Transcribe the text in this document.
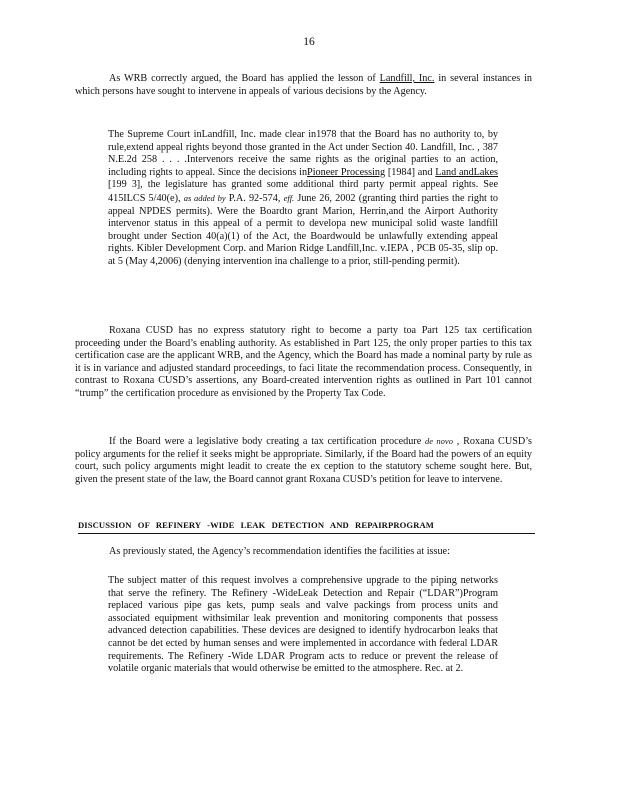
16
As WRB correctly argued, the Board has applied the lesson of Landfill, Inc. in several instances in which persons have sought to intervene in appeals of various decisions by the Agency.
The Supreme Court inLandfill, Inc. made clear in1978 that the Board has no authority to, by rule,extend appeal rights beyond those granted in the Act under Section 40. Landfill, Inc. , 387 N.E.2d 258 . . . .Intervenors receive the same rights as the original parties to an action, including rights to appeal. Since the decisions inPioneer Processing [1984] and Land andLakes [199 3], the legislature has granted some additional third party permit appeal rights. See 415ILCS 5/40(e), as added by P.A. 92-574, eff. June 26, 2002 (granting third parties the right to appeal NPDES permits). Were the Boardto grant Marion, Herrin,and the Airport Authority intervenor status in this appeal of a permit to developa new municipal solid waste landfill brought under Section 40(a)(1) of the Act, the Boardwould be unlawfully extending appeal rights. Kibler Development Corp. and Marion Ridge Landfill,Inc. v.IEPA , PCB 05-35, slip op. at 5 (May 4,2006) (denying intervention ina challenge to a prior, still-pending permit).
Roxana CUSD has no express statutory right to become a party toa Part 125 tax certification proceeding under the Board’s enabling authority. As established in Part 125, the only proper parties to this tax certification case are the applicant WRB, and the Agency, which the Board has made a nominal party by rule as it is in variance and adjusted standard proceedings, to faci litate the recommendation process. Consequently, in contrast to Roxana CUSD’s assertions, any Board-created intervention rights as outlined in Part 101 cannot “trump” the certification procedure as envisioned by the Property Tax Code.
If the Board were a legislative body creating a tax certification procedure de novo , Roxana CUSD’s policy arguments for the relief it seeks might be appropriate. Similarly, if the Board had the powers of an equity court, such policy arguments might leadit to create the ex ception to the statutory scheme sought here. But, given the present state of the law, the Board cannot grant Roxana CUSD’s petition for leave to intervene.
DISCUSSION OF REFINERY -WIDE LEAK DETECTION AND REPAIRPROGRAM
As previously stated, the Agency’s recommendation identifies the facilities at issue:
The subject matter of this request involves a comprehensive upgrade to the piping networks that serve the refinery. The Refinery -WideLeak Detection and Repair (“LDAR”)Program replaced various pipe gas kets, pump seals and valve packings from process units and associated equipment withsimilar leak prevention and monitoring components that possess advanced detection capabilities. These devices are designed to identify hydrocarbon leaks that cannot be det ected by human senses and were implemented in accordance with federal LDAR requirements. The Refinery -Wide LDAR Program acts to reduce or prevent the release of volatile organic materials that would otherwise be emitted to the atmosphere. Rec. at 2.
